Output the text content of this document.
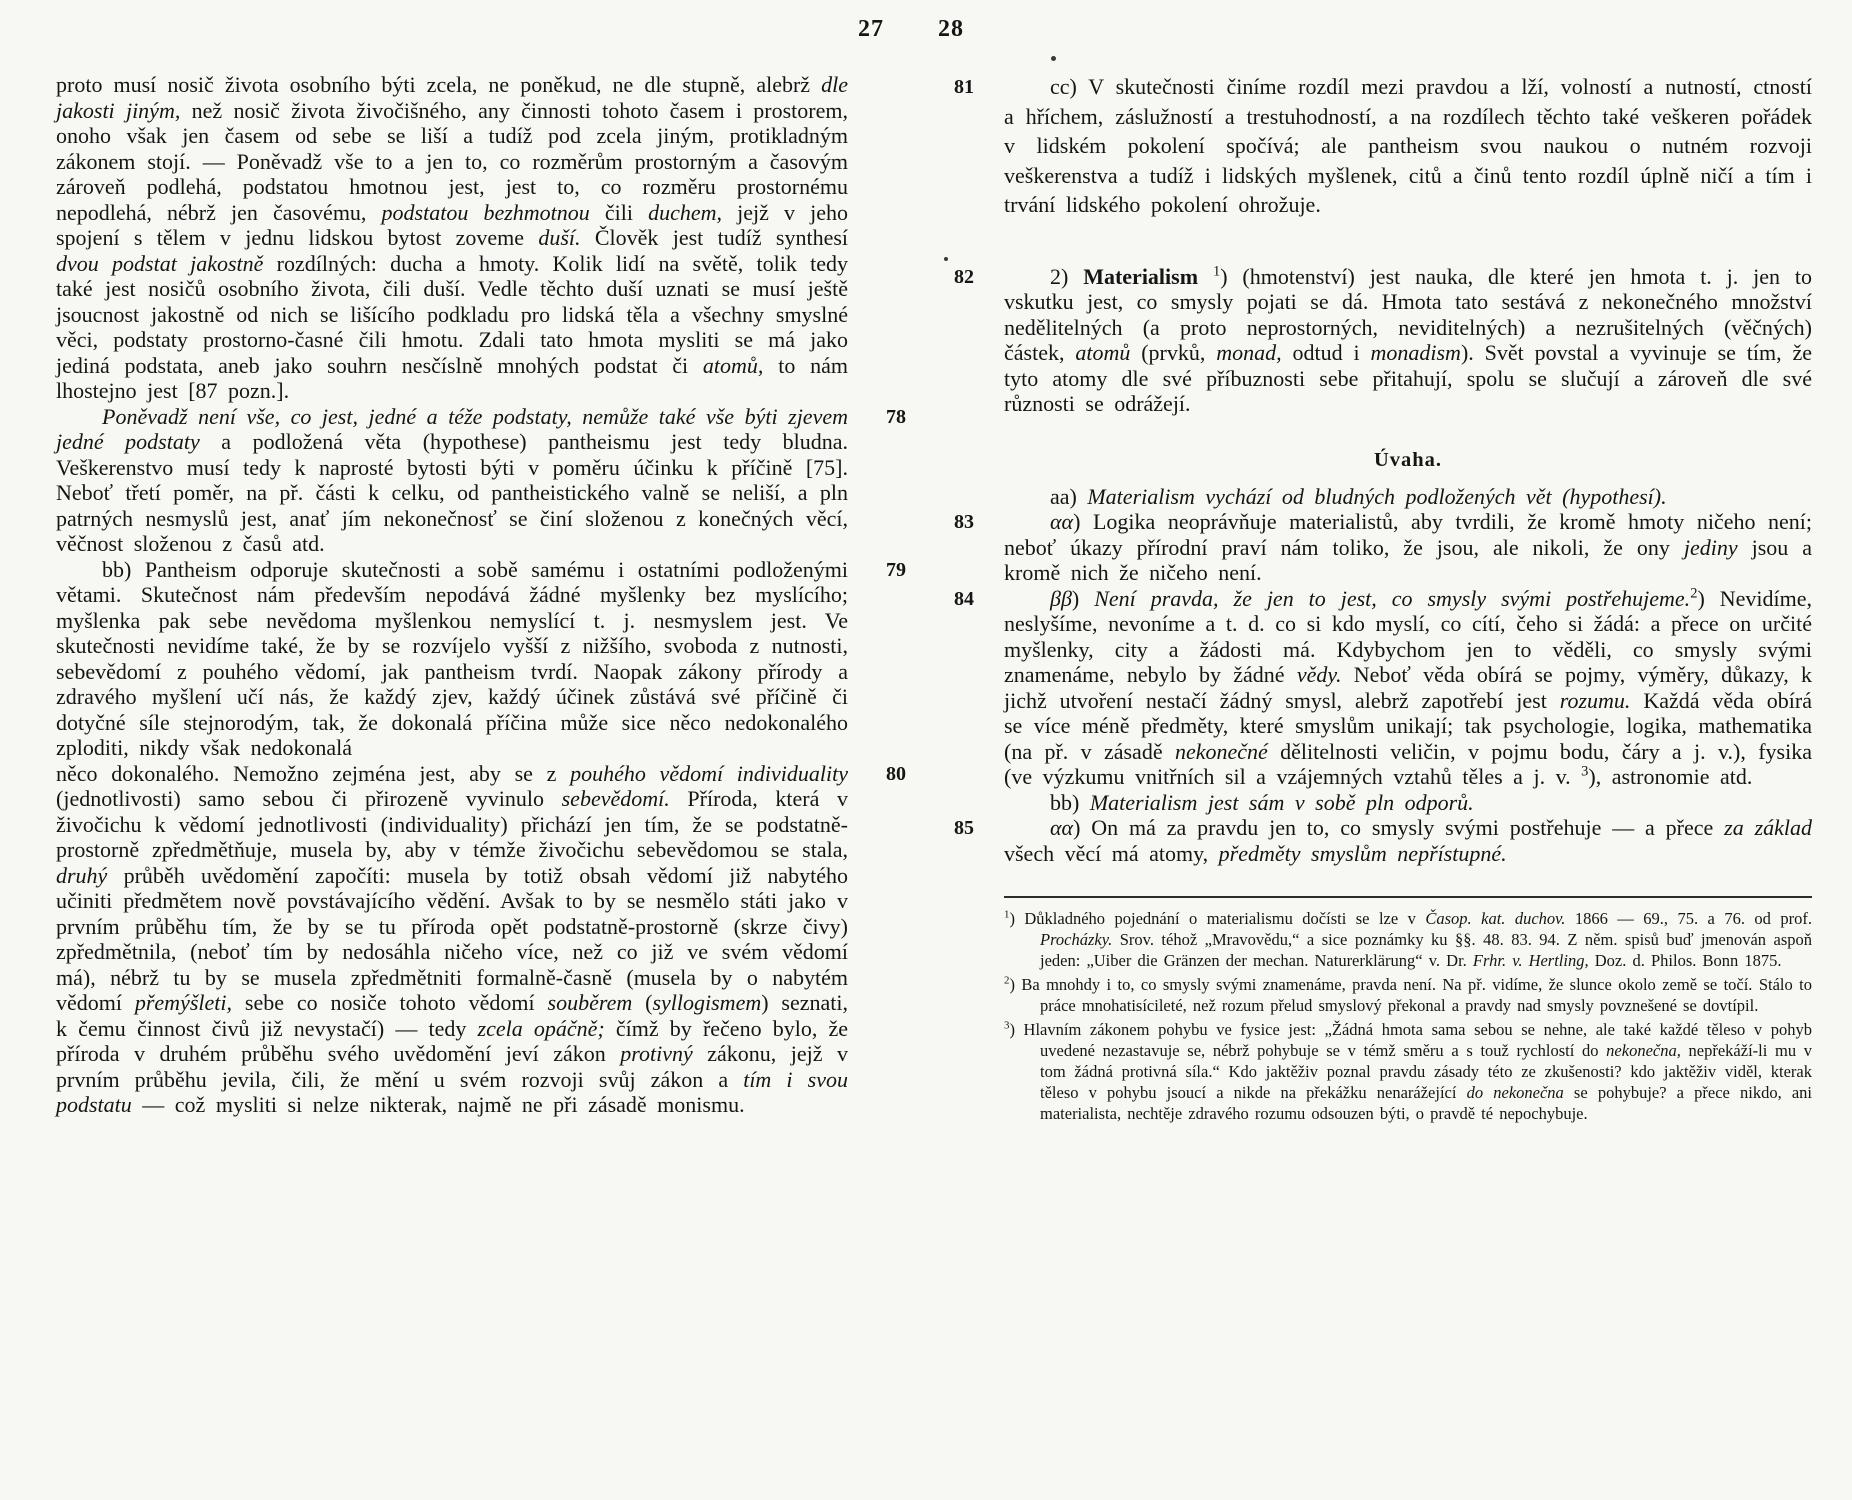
27 28

proto musí nosič života osobního býti zcela, ne poněkud, ne dle stupně, alebrž dle jakosti jiným, než nosič života živočišného, any činnosti tohoto časem i prostorem, onoho však jen časem od sebe se liší a tudíž pod zcela jiným, protikladným zákonem stojí. — Poněvadž vše to a jen to, co rozměrům prostorným a časovým zároveň podlehá, podstatou hmotnou jest, jest to, co rozměru prostornému nepodlehá, nébrž jen časovému, podstatou bezhmotnou čili duchem, jejž v jeho spojení s tělem v jednu lidskou bytost zoveme duší. Člověk jest tudíž synthesí dvou podstat jakostně rozdílných: ducha a hmoty. Kolik lidí na světě, tolik tedy také jest nosičů osobního života, čili duší. Vedle těchto duší uznati se musí ještě jsoucnost jakostně od nich se lišícího podkladu pro lidská těla a všechny smyslné věci, podstaty prostorno-časné čili hmotu. Zdali tato hmota mysliti se má jako jediná podstata, aneb jako souhrn nesčíslně mnohých podstat či atomů, to nám lhostejno jest [87 pozn.].

78
Poněvadž není vše, co jest, jedné a téže podstaty, nemůže také vše býti zjevem jedné podstaty a podložená věta (hypothese) pantheismu jest tedy bludna. Veškerenstvo musí tedy k naprosté bytosti býti v poměru účinku k příčině [75]. Neboť třetí poměr, na př. části k celku, od pantheistického valně se neliší, a pln patrných nesmyslů jest, anať jím nekonečnosť se činí složenou z konečných věcí, věčnost složenou z časů atd.

79
bb) Pantheism odporuje skutečnosti a sobě samému i ostatními podloženými větami. Skutečnost nám především nepodává žádné myšlenky bez myslícího; myšlenka pak sebe nevědoma myšlenkou nemyslící t. j. nesmyslem jest. Ve skutečnosti nevidíme také, že by se rozvíjelo vyšší z nižšího, svoboda z nutnosti, sebevědomí z pouhého vědomí, jak pantheism tvrdí. Naopak zákony přírody a zdravého myšlení učí nás, že každý zjev, každý účinek zůstává své příčině či dotyčné síle stejnorodým, tak, že dokonalá příčina může sice něco nedokonalého zploditi, nikdy však nedokonalá

80
něco dokonalého. Nemožno zejména jest, aby se z pouhého vědomí individuality (jednotlivosti) samo sebou či přirozeně vyvinulo sebevědomí. Příroda, která v živočichu k vědomí jednotlivosti (individuality) přichází jen tím, že se podstatně-prostorně zpředmětňuje, musela by, aby v témže živočichu sebevědomou se stala, druhý průběh uvědomění započíti: musela by totiž obsah vědomí již nabytého učiniti předmětem nově povstávajícího vědění. Avšak to by se nesmělo státi jako v prvním průběhu tím, že by se tu příroda opět podstatně-prostorně (skrze čivy) zpředmětnila, (neboť tím by nedosáhla ničeho více, než co již ve svém vědomí má), nébrž tu by se musela zpředmětniti formalně-časně (musela by o nabytém vědomí přemýšleti, sebe co nosiče tohoto vědomí souběrem (syllogismem) seznati, k čemu činnost čivů již nevystačí) — tedy zcela opáčně; čímž by řečeno bylo, že příroda v druhém průběhu svého uvědomění jeví zákon protivný zákonu, jejž v prvním průběhu jevila, čili, že mění u svém rozvoji svůj zákon a tím i svou podstatu — což mysliti si nelze nikterak, najmě ne při zásadě monismu.

81	cc) V skutečnosti činíme rozdíl mezi pravdou a lží, volností a nutností, ctností a hříchem, záslužností a trestuhodností, a na rozdílech těchto také veškeren pořádek v lidském pokolení spočívá; ale pantheism svou naukou o nutném rozvoji veškerenstva a tudíž i lidských myšlenek, citů a činů tento rozdíl úplně ničí a tím i trvání lidského pokolení ohrožuje.

82	2) Materialism $^1$) (hmotenství) jest nauka, dle které jen hmota t. j. jen to vskutku jest, co smysly pojati se dá. Hmota tato sestává z nekonečného množství nedělitelných (a proto neprostorných, neviditelných) a nezrušitelných (věčných) částek, atomů (prvků, monad, odtud i monadism). Svět povstal a vyvinuje se tím, že tyto atomy dle své příbuznosti sebe přitahují, spolu se slučují a zároveň dle své různosti se odrážejí.

Úvaha.

aa) Materialism vychází od bludných podložených vět (hypothesí).

83	αα) Logika neoprávňuje materialistů, aby tvrdili, že kromě hmoty ničeho není; neboť úkazy přírodní praví nám toliko, že jsou, ale nikoli, že ony jediny jsou a kromě nich že ničeho není.

84	ββ) Není pravda, že jen to jest, co smysly svými postřehujeme.$^2$) Nevidíme, neslyšíme, nevoníme a t. d. co si kdo myslí, co cítí, čeho si žádá: a přece on určité myšlenky, city a žádosti má. Kdybychom jen to věděli, co smysly svými znamenáme, nebylo by žádné vědy. Neboť věda obírá se pojmy, výměry, důkazy, k jichž utvoření nestačí žádný smysl, alebrž zapotřebí jest rozumu. Každá věda obírá se více méně předměty, které smyslům unikají; tak psychologie, logika, mathematika (na př. v zásadě nekonečné dělitelnosti veličin, v pojmu bodu, čáry a j. v.), fysika (ve výzkumu vnitřních sil a vzájemných vztahů těles a j. v. $^3$), astronomie atd.

bb) Materialism jest sám v sobě pln odporů.

85	αα) On má za pravdu jen to, co smysly svými postřehuje — a přece za základ všech věcí má atomy, předměty smyslům nepřístupné.

$^1$) Důkladného pojednání o materialismu dočísti se lze v Časop. kat. duchov. 1866 — 69., 75. a 76. od prof. Procházky. Srov. téhož „Mravovědu,“ a sice poznámky ku §§. 48. 83. 94. Z něm. spisů buď jmenován aspoň jeden: „Uiber die Gränzen der mechan. Naturerklärung“ v. Dr. Frhr. v. Hertling, Doz. d. Philos. Bonn 1875.

$^2$) Ba mnohdy i to, co smysly svými znamenáme, pravda není. Na př. vidíme, že slunce okolo země se točí. Stálo to práce mnohatisícileté, než rozum přelud smyslový překonal a pravdy nad smysly povznešené se dovtípil.

$^3$) Hlavním zákonem pohybu ve fysice jest: „Žádná hmota sama sebou se nehne, ale také každé těleso v pohyb uvedené nezastavuje se, nébrž pohybuje se v témž směru a s touž rychlostí do nekonečna, nepřekáží-li mu v tom žádná protivná síla.“ Kdo jaktěživ poznal pravdu zásady této ze zkušenosti? kdo jaktěživ viděl, kterak těleso v pohybu jsoucí a nikde na překážku nenarážející do nekonečna se pohybuje? a přece nikdo, ani materialista, nechtěje zdravého rozumu odsouzen býti, o pravdě té nepochybuje.
